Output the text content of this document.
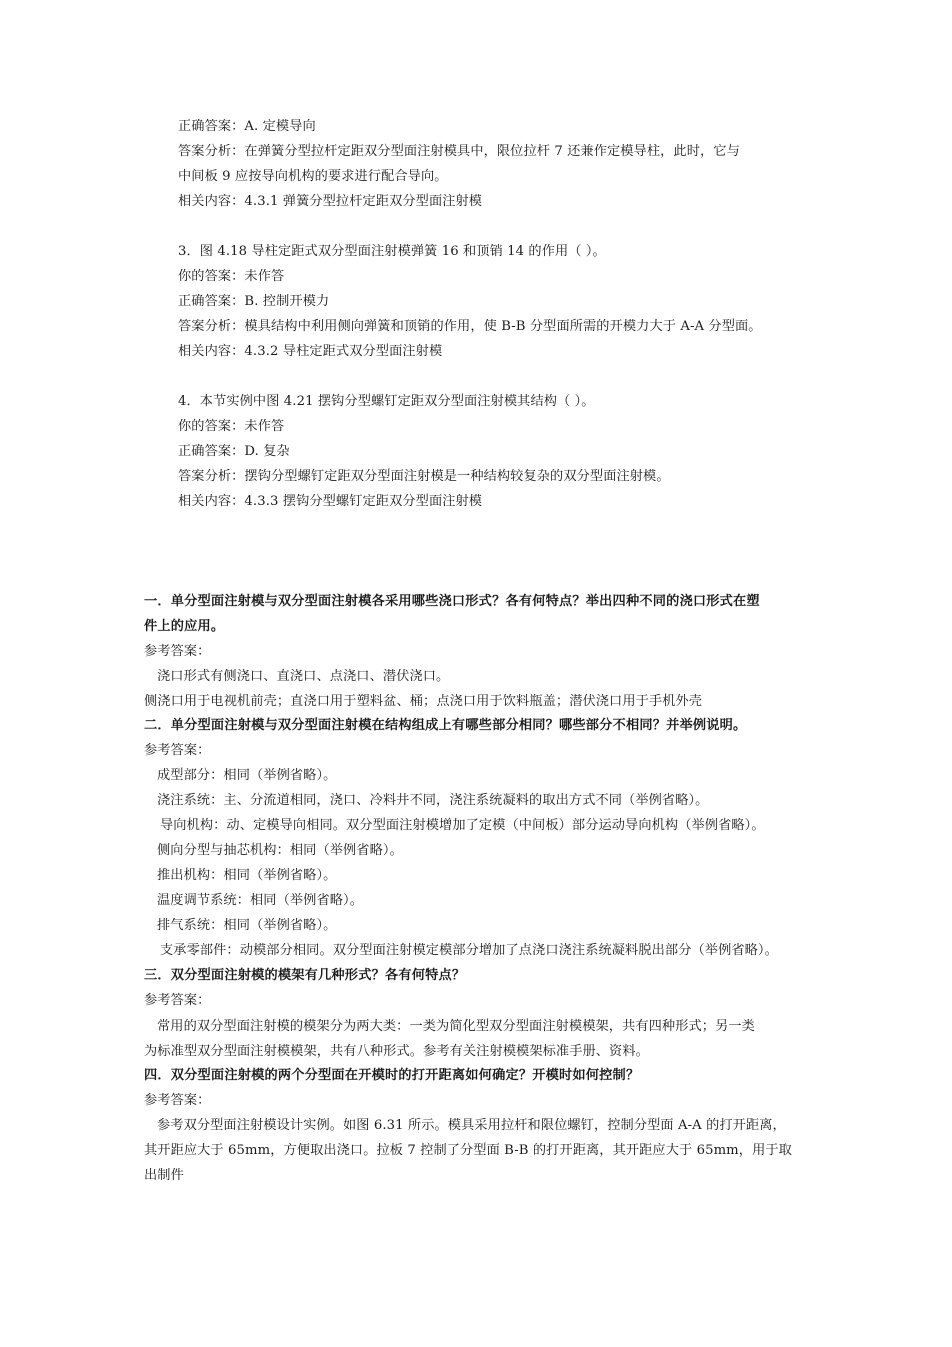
正确答案：A. 定模导向
答案分析：在弹簧分型拉杆定距双分型面注射模具中，限位拉杆 7 还兼作定模导柱，此时，它与
中间板 9 应按导向机构的要求进行配合导向。
相关内容：4.3.1 弹簧分型拉杆定距双分型面注射模
3．图 4.18 导柱定距式双分型面注射模弹簧 16 和顶销 14 的作用（ ）。
你的答案：未作答
正确答案：B. 控制开模力
答案分析：模具结构中利用侧向弹簧和顶销的作用，使 B-B 分型面所需的开模力大于 A-A 分型面。
相关内容：4.3.2 导柱定距式双分型面注射模
4．本节实例中图 4.21 摆钩分型螺钉定距双分型面注射模其结构（ ）。
你的答案：未作答
正确答案：D. 复杂
答案分析：摆钩分型螺钉定距双分型面注射模是一种结构较复杂的双分型面注射模。
相关内容：4.3.3 摆钩分型螺钉定距双分型面注射模
一．单分型面注射模与双分型面注射模各采用哪些浇口形式？各有何特点？举出四种不同的浇口形式在塑
件上的应用。
参考答案：
浇口形式有侧浇口、直浇口、点浇口、潜伏浇口。
侧浇口用于电视机前壳；直浇口用于塑料盆、桶；点浇口用于饮料瓶盖；潜伏浇口用于手机外壳
二．单分型面注射模与双分型面注射模在结构组成上有哪些部分相同？哪些部分不相同？并举例说明。
参考答案：
成型部分：相同（举例省略）。
浇注系统：主、分流道相同，浇口、冷料井不同，浇注系统凝料的取出方式不同（举例省略）。
导向机构：动、定模导向相同。双分型面注射模增加了定模（中间板）部分运动导向机构（举例省略）。
侧向分型与抽芯机构：相同（举例省略）。
推出机构：相同（举例省略）。
温度调节系统：相同（举例省略）。
排气系统：相同（举例省略）。
支承零部件：动模部分相同。双分型面注射模定模部分增加了点浇口浇注系统凝料脱出部分（举例省略）。
三．双分型面注射模的模架有几种形式？各有何特点？
参考答案：
常用的双分型面注射模的模架分为两大类：一类为简化型双分型面注射模模架，共有四种形式；另一类
为标准型双分型面注射模模架，共有八种形式。参考有关注射模模架标准手册、资料。
四．双分型面注射模的两个分型面在开模时的打开距离如何确定？开模时如何控制？
参考答案：
参考双分型面注射模设计实例。如图 6.31 所示。模具采用拉杆和限位螺钉，控制分型面 A-A 的打开距离，
其开距应大于 65mm，方便取出浇口。拉板 7 控制了分型面 B-B 的打开距离，其开距应大于 65mm，用于取
出制件
